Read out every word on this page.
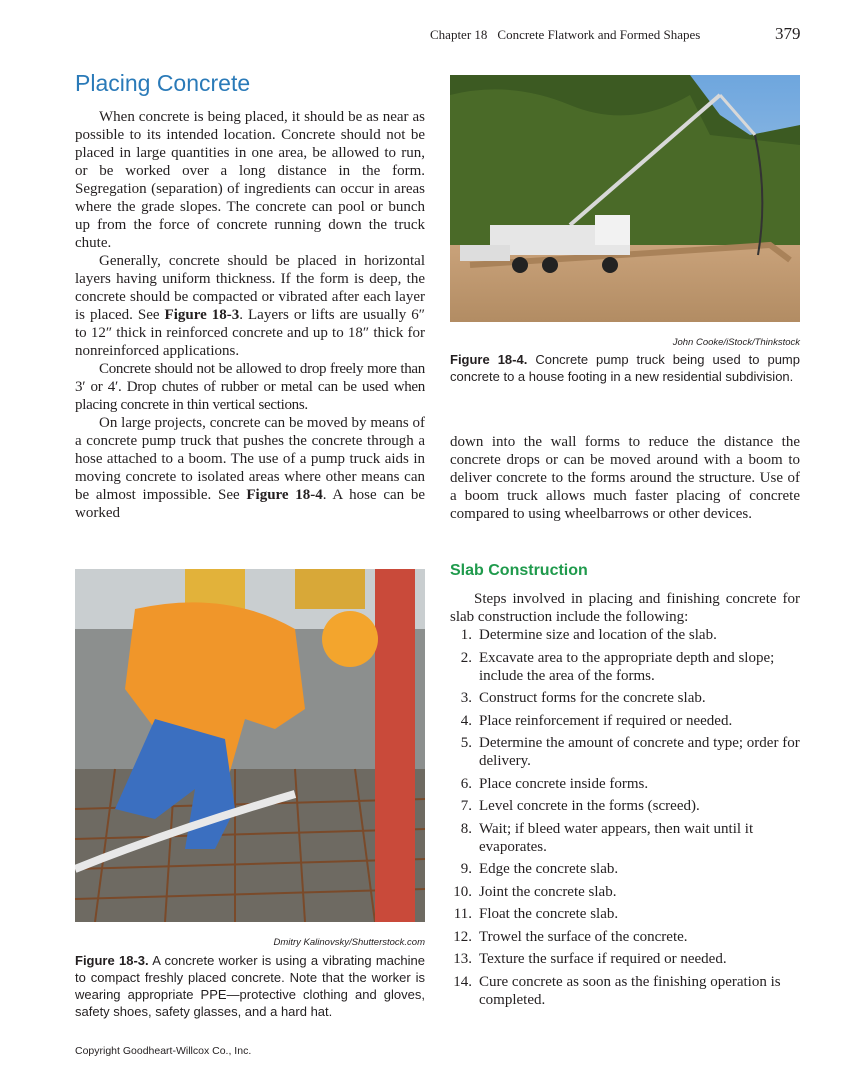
Chapter 18 Concrete Flatwork and Formed Shapes	379
Placing Concrete

When concrete is being placed, it should be as near as possible to its intended location. Concrete should not be placed in large quantities in one area, be allowed to run, or be worked over a long distance in the form. Segregation (separation) of ingredients can occur in areas where the grade slopes. The concrete can pool or bunch up from the force of concrete running down the truck chute.

Generally, concrete should be placed in horizontal layers having uniform thickness. If the form is deep, the concrete should be compacted or vibrated after each layer is placed. See Figure 18-3. Layers or lifts are usually 6″ to 12″ thick in reinforced concrete and up to 18″ thick for nonreinforced applications.

Concrete should not be allowed to drop freely more than 3′ or 4′. Drop chutes of rubber or metal can be used when placing concrete in thin vertical sections.

On large projects, concrete can be moved by means of a concrete pump truck that pushes the concrete through a hose attached to a boom. The use of a pump truck aids in moving concrete to isolated areas where other means can be almost impossible. See Figure 18-4. A hose can be worked

John Cooke/iStock/Thinkstock
Figure 18-4. Concrete pump truck being used to pump concrete to a house footing in a new residential subdivision.

down into the wall forms to reduce the distance the concrete drops or can be moved around with a boom to deliver concrete to the forms around the structure. Use of a boom truck allows much faster placing of concrete compared to using wheelbarrows or other devices.

Slab Construction

Steps involved in placing and finishing concrete for slab construction include the following:

1. Determine size and location of the slab.
2. Excavate area to the appropriate depth and slope; include the area of the forms.
3. Construct forms for the concrete slab.
4. Place reinforcement if required or needed.
5. Determine the amount of concrete and type; order for delivery.
6. Place concrete inside forms.
7. Level concrete in the forms (screed).
8. Wait; if bleed water appears, then wait until it evaporates.
9. Edge the concrete slab.
10. Joint the concrete slab.
11. Float the concrete slab.
12. Trowel the surface of the concrete.
13. Texture the surface if required or needed.
14. Cure concrete as soon as the finishing operation is completed.
Dmitry Kalinovsky/Shutterstock.com
Figure 18-3. A concrete worker is using a vibrating machine to compact freshly placed concrete. Note that the worker is wearing appropriate PPE—protective clothing and gloves, safety shoes, safety glasses, and a hard hat.
Copyright Goodheart-Willcox Co., Inc.
